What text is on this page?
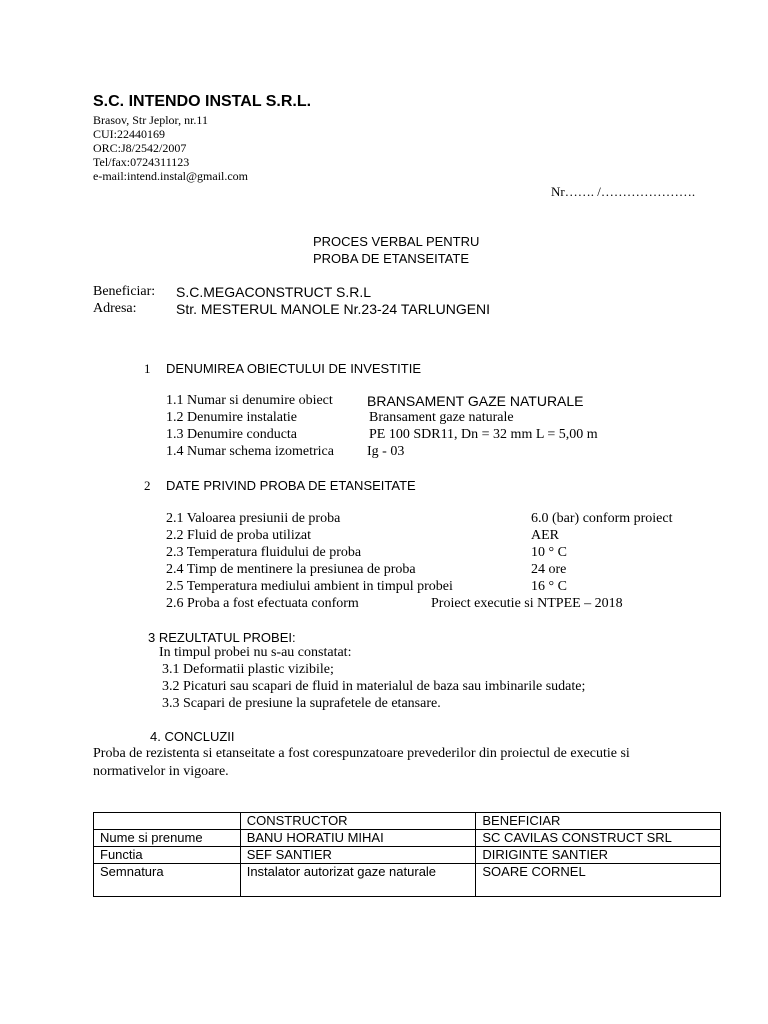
S.C. INTENDO INSTAL S.R.L.
Brasov, Str Jeplor, nr.11
CUI:22440169
ORC:J8/2542/2007
Tel/fax:0724311123
e-mail:intend.instal@gmail.com
Nr……. /………………….
PROCES VERBAL PENTRU
PROBA DE ETANSEITATE
Beneficiar: S.C.MEGACONSTRUCT S.R.L
Adresa:	Str. MESTERUL MANOLE Nr.23-24 TARLUNGENI
1 DENUMIREA OBIECTULUI DE INVESTITIE
1.1 Numar si denumire obiect BRANSAMENT GAZE NATURALE
1.2 Denumire instalatie	Bransament gaze naturale
1.3 Denumire conducta	PE 100 SDR11, Dn = 32 mm L = 5,00 m
1.4 Numar schema izometrica Ig - 03
2 DATE PRIVIND PROBA DE ETANSEITATE
2.1 Valoarea presiunii de proba	6.0 (bar) conform proiect
2.2 Fluid de proba utilizat	AER
2.3 Temperatura fluidului de proba	10 ° C
2.4 Timp de mentinere la presiunea de proba	24 ore
2.5 Temperatura mediului ambient in timpul probei	16 ° C
2.6 Proba a fost efectuata conform	Proiect executie si NTPEE – 2018
3 REZULTATUL PROBEI:
In timpul probei nu s-au constatat:
3.1 Deformatii plastic vizibile;
3.2 Picaturi sau scapari de fluid in materialul de baza sau imbinarile sudate;
3.3 Scapari de presiune la suprafetele de etansare.
4. CONCLUZII
Proba de rezistenta si etanseitate a fost corespunzatoare prevederilor din proiectul de executie si
normativelor in vigoare.
	CONSTRUCTOR	BENEFICIAR
Nume si prenume	BANU HORATIU MIHAI	SC CAVILAS CONSTRUCT SRL
Functia	SEF SANTIER	DIRIGINTE SANTIER
Semnatura	Instalator autorizat gaze naturale	SOARE CORNEL
